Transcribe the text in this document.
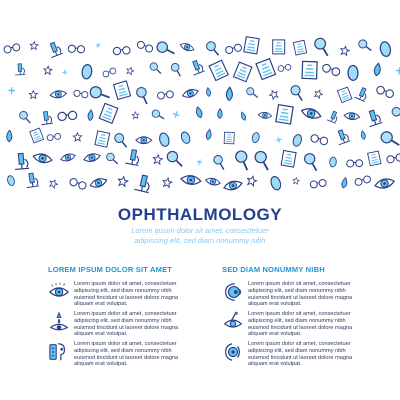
OPHTHALMOLOGY
Lorem ipsum dolor sit amet, consectetuer
adipiscing elit, sed diam nonummy nibh
LOREM IPSUM DOLOR SIT AMET	SED DIAM NONUMMY NIBH
Lorem ipsum dolor sit amet, consectetuer adipiscing elit, sed diam nonummy nibh euismod tincidunt ut laoreet dolore magna aliquam erat volutpat.
Lorem ipsum dolor sit amet, consectetuer adipiscing elit, sed diam nonummy nibh euismod tincidunt ut laoreet dolore magna aliquam erat volutpat.
Lorem ipsum dolor sit amet, consectetuer adipiscing elit, sed diam nonummy nibh euismod tincidunt ut laoreet dolore magna aliquam erat volutpat.
Lorem ipsum dolor sit amet, consectetuer adipiscing elit, sed diam nonummy nibh euismod tincidunt ut laoreet dolore magna aliquam erat volutpat.
Lorem ipsum dolor sit amet, consectetuer adipiscing elit, sed diam nonummy nibh euismod tincidunt ut laoreet dolore magna aliquam erat volutpat.
Lorem ipsum dolor sit amet, consectetuer adipiscing elit, sed diam nonummy nibh euismod tincidunt ut laoreet dolore magna aliquam erat volutpat.
